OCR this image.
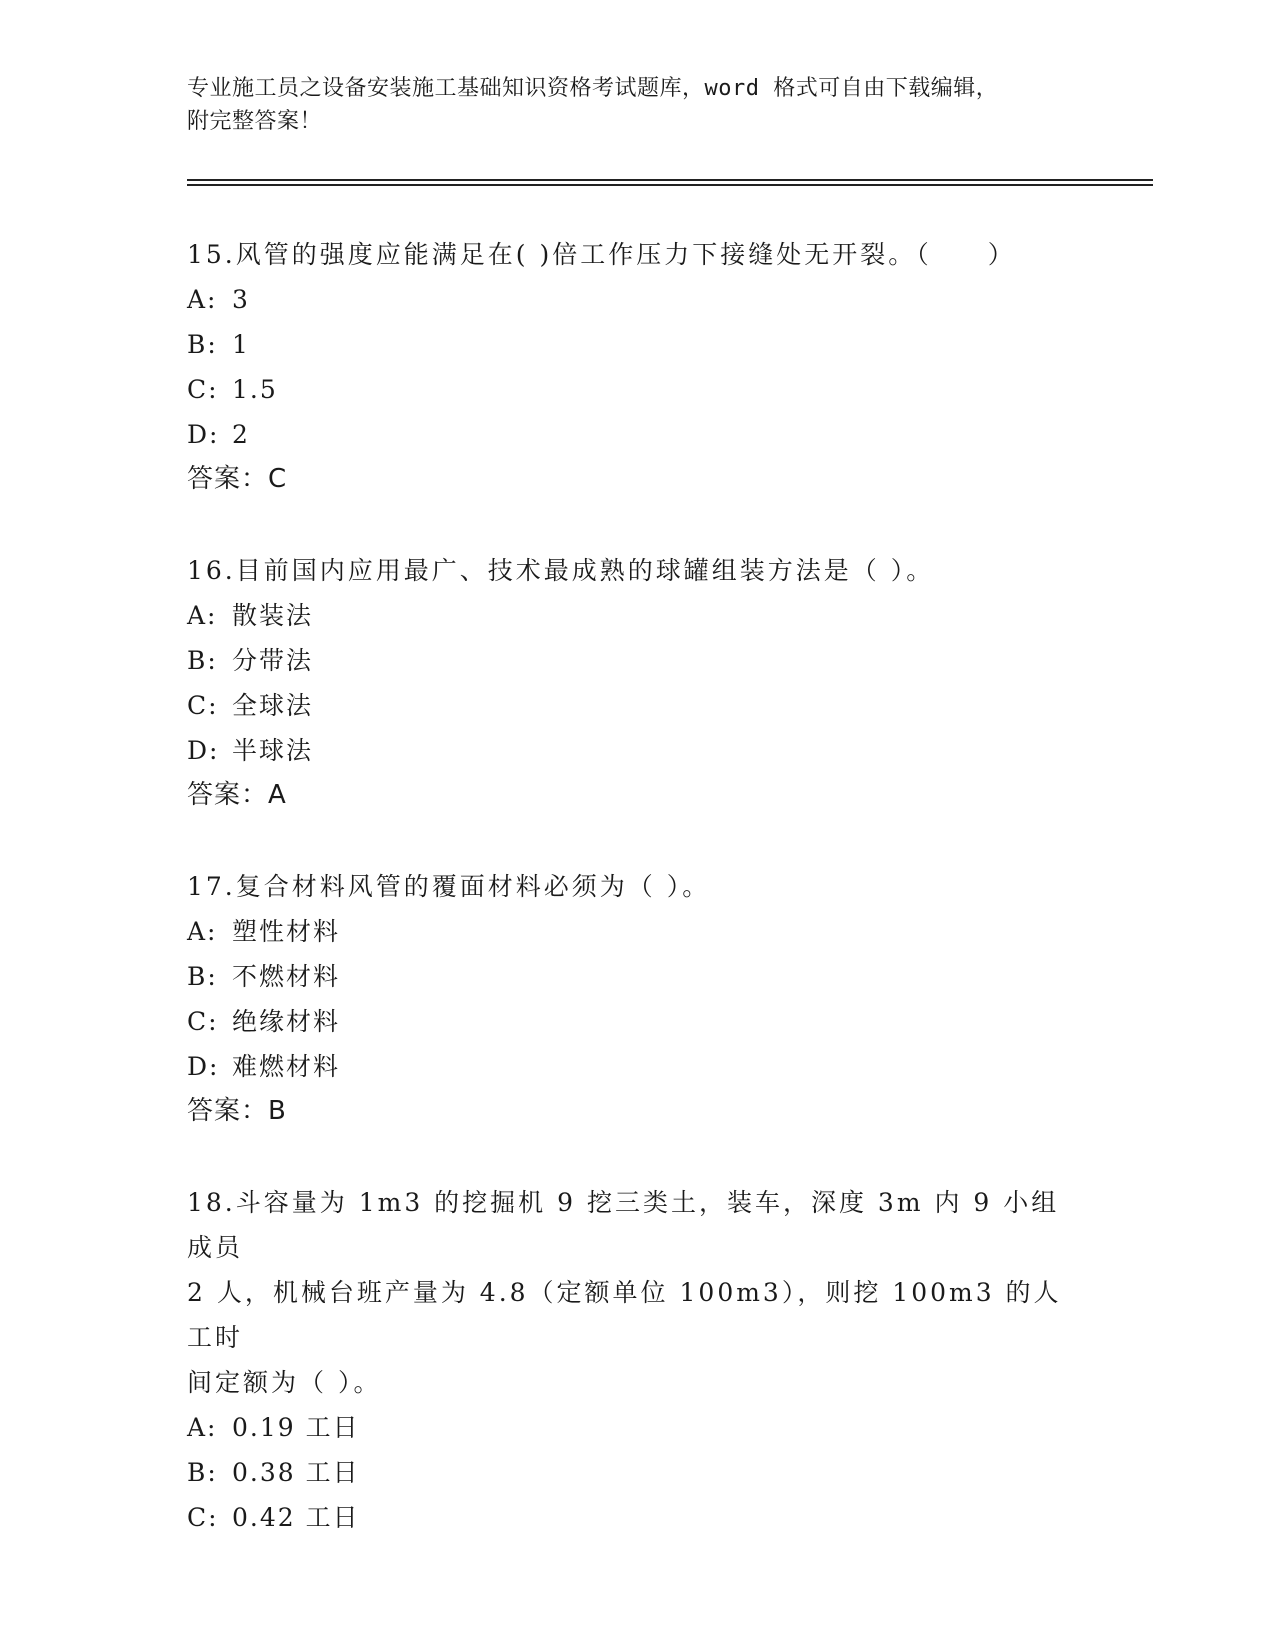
专业施工员之设备安装施工基础知识资格考试题库，word 格式可自由下载编辑，
附完整答案！

15.风管的强度应能满足在( )倍工作压力下接缝处无开裂。（　　）

A: 3

B: 1

C: 1.5

D: 2

答案：C

16.目前国内应用最广、技术最成熟的球罐组装方法是（ ）。

A: 散装法

B: 分带法

C: 全球法

D: 半球法

答案：A

17.复合材料风管的覆面材料必须为（ ）。

A: 塑性材料

B: 不燃材料

C: 绝缘材料

D: 难燃材料

答案：B

18.斗容量为 1m3 的挖掘机 9 挖三类土，装车，深度 3m 内 9 小组成员

2 人，机械台班产量为 4.8（定额单位 100m3），则挖 100m3 的人工时

间定额为（ ）。

A: 0.19 工日

B: 0.38 工日

C: 0.42 工日
